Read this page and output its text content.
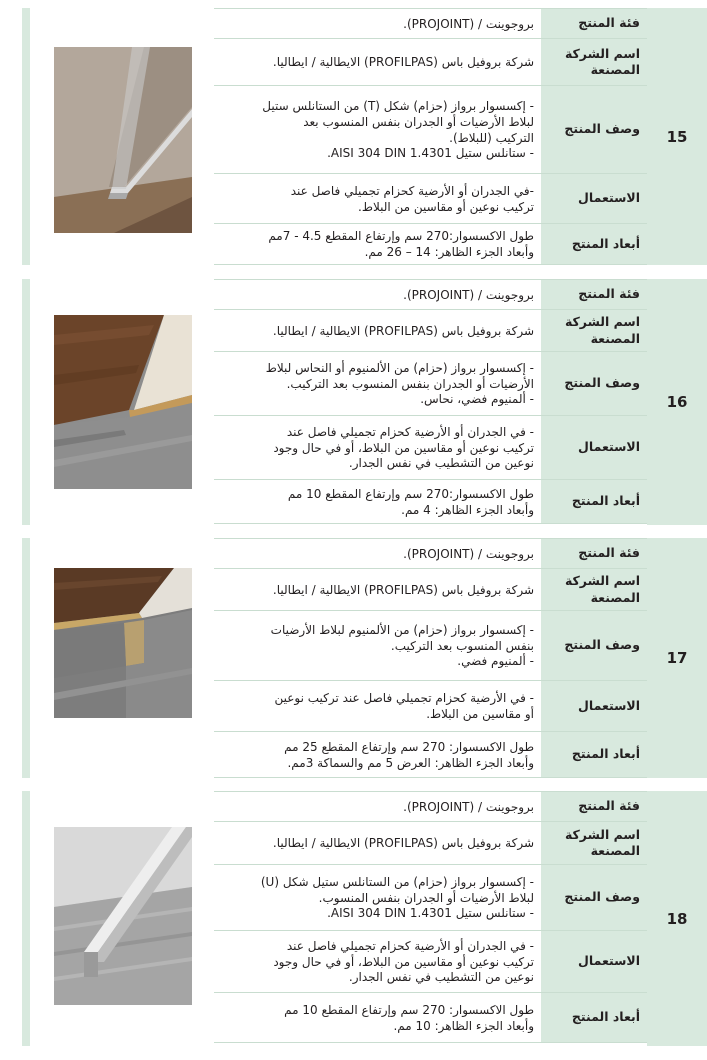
15
فئة المنتج
بروجوينت / (PROJOINT).
اسم الشركة
المصنعة
شركة بروفيل باس (PROFILPAS) الايطالية / ايطاليا.
وصف المنتج
- إكسسوار برواز (حزام) شكل (T) من الستانلس ستيل
لبلاط الأرضيات أو الجدران بنفس المنسوب بعد
التركيب (للبلاط).
- ستانلس ستيل AISI 304 DIN 1.4301.
الاستعمال
-في الجدران أو الأرضية كحزام تجميلي فاصل عند
تركيب نوعين أو مقاسين من البلاط.
أبعاد المنتج
طول الاكسسوار:270 سم وإرتفاع المقطع 4.5 - 7مم
وأبعاد الجزء الظاهر: 14 – 26 مم.
16
فئة المنتج
بروجوينت / (PROJOINT).
اسم الشركة
المصنعة
شركة بروفيل باس (PROFILPAS) الايطالية / ايطاليا.
وصف المنتج
- إكسسوار برواز (حزام) من الألمنيوم أو النحاس لبلاط
الأرضيات أو الجدران بنفس المنسوب بعد التركيب.
- ألمنيوم فضي، نحاس.
الاستعمال
- في الجدران أو الأرضية كحزام تجميلي فاصل عند
تركيب نوعين أو مقاسين من البلاط، أو في حال وجود
نوعين من التشطيب في نفس الجدار.
أبعاد المنتج
طول الاكسسوار:270 سم وإرتفاع المقطع 10 مم
وأبعاد الجزء الظاهر: 4 مم.
17
فئة المنتج
بروجوينت / (PROJOINT).
اسم الشركة
المصنعة
شركة بروفيل باس (PROFILPAS) الايطالية / ايطاليا.
وصف المنتج
- إكسسوار برواز (حزام) من الألمنيوم لبلاط الأرضيات
بنفس المنسوب بعد التركيب.
- ألمنيوم فضي.
الاستعمال
- في الأرضية كحزام تجميلي فاصل عند تركيب نوعين
أو مقاسين من البلاط.
أبعاد المنتج
طول الاكسسوار: 270 سم وإرتفاع المقطع 25 مم
وأبعاد الجزء الظاهر: العرض 5 مم والسماكة 3مم.
18
فئة المنتج
بروجوينت / (PROJOINT).
اسم الشركة
المصنعة
شركة بروفيل باس (PROFILPAS) الايطالية / ايطاليا.
وصف المنتج
- إكسسوار برواز (حزام) من الستانلس ستيل شكل (U)
لبلاط الأرضيات أو الجدران بنفس المنسوب.
- ستانلس ستيل AISI 304 DIN 1.4301.
الاستعمال
- في الجدران أو الأرضية كحزام تجميلي فاصل عند
تركيب نوعين أو مقاسين من البلاط، أو في حال وجود
نوعين من التشطيب في نفس الجدار.
أبعاد المنتج
طول الاكسسوار: 270 سم وإرتفاع المقطع 10 مم
وأبعاد الجزء الظاهر: 10 مم.
